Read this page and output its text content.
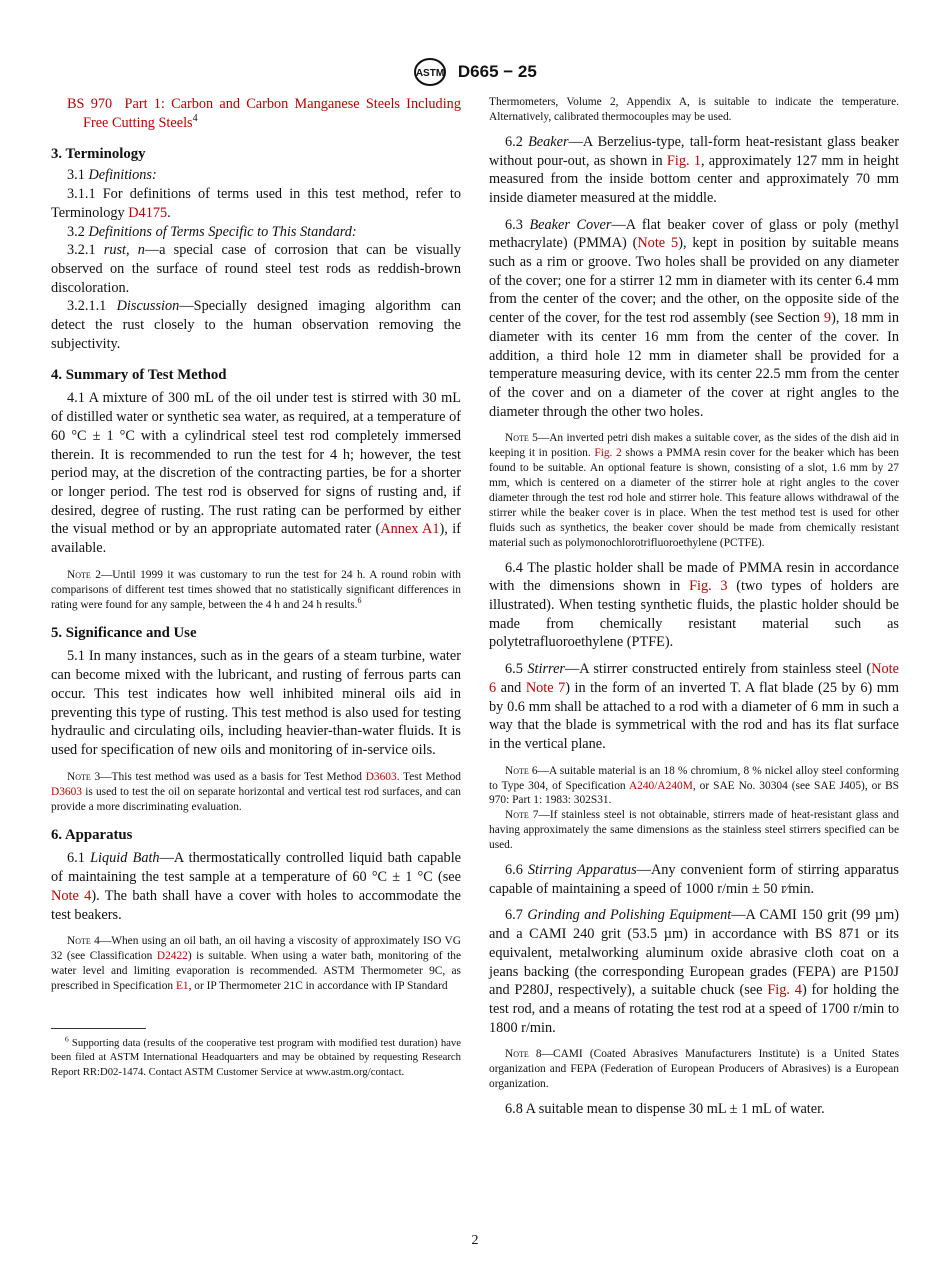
ASTM D665 − 25

BS 970 Part 1: Carbon and Carbon Manganese Steels Including Free Cutting Steels$^4$

3. Terminology

3.1 Definitions:

3.1.1 For definitions of terms used in this test method, refer to Terminology D4175.

3.2 Definitions of Terms Specific to This Standard:

3.2.1 rust, n—a special case of corrosion that can be visually observed on the surface of round steel test rods as reddish-brown discoloration.

3.2.1.1 Discussion—Specially designed imaging algorithm can detect the rust closely to the human observation removing the subjectivity.

4. Summary of Test Method

4.1 A mixture of 300 mL of the oil under test is stirred with 30 mL of distilled water or synthetic sea water, as required, at a temperature of 60 °C ± 1 °C with a cylindrical steel test rod completely immersed therein. It is recommended to run the test for 4 h; however, the test period may, at the discretion of the contracting parties, be for a shorter or longer period. The test rod is observed for signs of rusting and, if desired, degree of rusting. The rust rating can be performed by either the visual method or by an appropriate automated rater (Annex A1), if available.

Note 2—Until 1999 it was customary to run the test for 24 h. A round robin with comparisons of different test times showed that no statistically significant differences in rating were found for any sample, between the 4 h and 24 h results.$^6$

5. Significance and Use

5.1 In many instances, such as in the gears of a steam turbine, water can become mixed with the lubricant, and rusting of ferrous parts can occur. This test indicates how well inhibited mineral oils aid in preventing this type of rusting. This test method is also used for testing hydraulic and circulating oils, including heavier-than-water fluids. It is used for specification of new oils and monitoring of in-service oils.

Note 3—This test method was used as a basis for Test Method D3603. Test Method D3603 is used to test the oil on separate horizontal and vertical test rod surfaces, and can provide a more discriminating evaluation.

6. Apparatus

6.1 Liquid Bath—A thermostatically controlled liquid bath capable of maintaining the test sample at a temperature of 60 °C ± 1 °C (see Note 4). The bath shall have a cover with holes to accommodate the test beakers.

Note 4—When using an oil bath, an oil having a viscosity of approximately ISO VG 32 (see Classification D2422) is suitable. When using a water bath, monitoring of the water level and limiting evaporation is recommended. ASTM Thermometer 9C, as prescribed in Specification E1, or IP Thermometer 21C in accordance with IP Standard

$^6$ Supporting data (results of the cooperative test program with modified test duration) have been filed at ASTM International Headquarters and may be obtained by requesting Research Report RR:D02-1474. Contact ASTM Customer Service at www.astm.org/contact.

Thermometers, Volume 2, Appendix A, is suitable to indicate the temperature. Alternatively, calibrated thermocouples may be used.

6.2 Beaker—A Berzelius-type, tall-form heat-resistant glass beaker without pour-out, as shown in Fig. 1, approximately 127 mm in height measured from the inside bottom center and approximately 70 mm inside diameter measured at the middle.

6.3 Beaker Cover—A flat beaker cover of glass or poly (methyl methacrylate) (PMMA) (Note 5), kept in position by suitable means such as a rim or groove. Two holes shall be provided on any diameter of the cover; one for a stirrer 12 mm in diameter with its center 6.4 mm from the center of the cover; and the other, on the opposite side of the center of the cover, for the test rod assembly (see Section 9), 18 mm in diameter with its center 16 mm from the center of the cover. In addition, a third hole 12 mm in diameter shall be provided for a temperature measuring device, with its center 22.5 mm from the center of the cover and on a diameter of the cover at right angles to the diameter through the other two holes.

Note 5—An inverted petri dish makes a suitable cover, as the sides of the dish aid in keeping it in position. Fig. 2 shows a PMMA resin cover for the beaker which has been found to be suitable. An optional feature is shown, consisting of a slot, 1.6 mm by 27 mm, which is centered on a diameter of the stirrer hole at right angles to the cover diameter through the test rod hole and stirrer hole. This feature allows withdrawal of the stirrer while the beaker cover is in place. When the test method test is used for other fluids such as synthetics, the beaker cover should be made from chemically resistant material such as polymonochlorotrifluoroethylene (PCTFE).

6.4 The plastic holder shall be made of PMMA resin in accordance with the dimensions shown in Fig. 3 (two types of holders are illustrated). When testing synthetic fluids, the plastic holder should be made from chemically resistant material such as polytetrafluoroethylene (PTFE).

6.5 Stirrer—A stirrer constructed entirely from stainless steel (Note 6 and Note 7) in the form of an inverted T. A flat blade (25 by 6) mm by 0.6 mm shall be attached to a rod with a diameter of 6 mm in such a way that the blade is symmetrical with the rod and has its flat surface in the vertical plane.

Note 6—A suitable material is an 18 % chromium, 8 % nickel alloy steel conforming to Type 304, of Specification A240/A240M, or SAE No. 30304 (see SAE J405), or BS 970: Part 1: 1983: 302S31.

Note 7—If stainless steel is not obtainable, stirrers made of heat-resistant glass and having approximately the same dimensions as the stainless steel stirrers specified can be used.

6.6 Stirring Apparatus—Any convenient form of stirring apparatus capable of maintaining a speed of 1000 r/min ± 50 r⁄min.

6.7 Grinding and Polishing Equipment—A CAMI 150 grit (99 µm) and a CAMI 240 grit (53.5 µm) in accordance with BS 871 or its equivalent, metalworking aluminum oxide abrasive cloth coat on a jeans backing (the corresponding European grades (FEPA) are P150J and P280J, respectively), a suitable chuck (see Fig. 4) for holding the test rod, and a means of rotating the test rod at a speed of 1700 r/min to 1800 r/min.

Note 8—CAMI (Coated Abrasives Manufacturers Institute) is a United States organization and FEPA (Federation of European Producers of Abrasives) is a European organization.

6.8 A suitable mean to dispense 30 mL ± 1 mL of water.

2
